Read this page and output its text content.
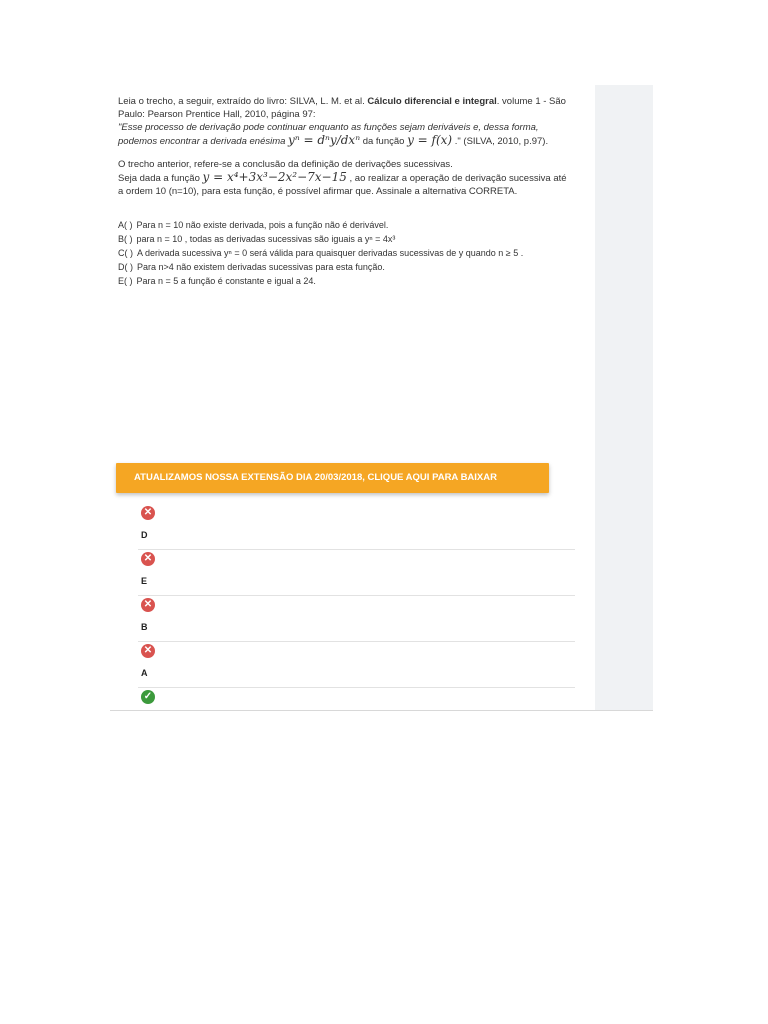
Leia o trecho, a seguir, extraído do livro: SILVA, L. M. et al. Cálculo diferencial e integral. volume 1 - São Paulo: Pearson Prentice Hall, 2010, página 97:

"Esse processo de derivação pode continuar enquanto as funções sejam deriváveis e, dessa forma, podemos encontrar a derivada enésima yⁿ = dⁿy/dxⁿ da função y = f(x) ." (SILVA, 2010, p.97).

O trecho anterior, refere-se a conclusão da definição de derivações sucessivas.

Seja dada a função y = x⁴+3x³−2x²−7x−15 , ao realizar a operação de derivação sucessiva até a ordem 10 (n=10), para esta função, é possível afirmar que. Assinale a alternativa CORRETA.

A( ) Para n = 10 não existe derivada, pois a função não é derivável.

B( ) para n = 10 , todas as derivadas sucessivas são iguais a yⁿ = 4x³

C( ) A derivada sucessiva yⁿ = 0 será válida para quaisquer derivadas sucessivas de y quando n ≥ 5 .

D( ) Para n>4 não existem derivadas sucessivas para esta função.

E( ) Para n = 5 a função é constante e igual a 24.

ATUALIZAMOS NOSSA EXTENSÃO DIA 20/03/2018, CLIQUE AQUI PARA BAIXAR
✕
D
✕
E
✕
B
✕
A
✓
